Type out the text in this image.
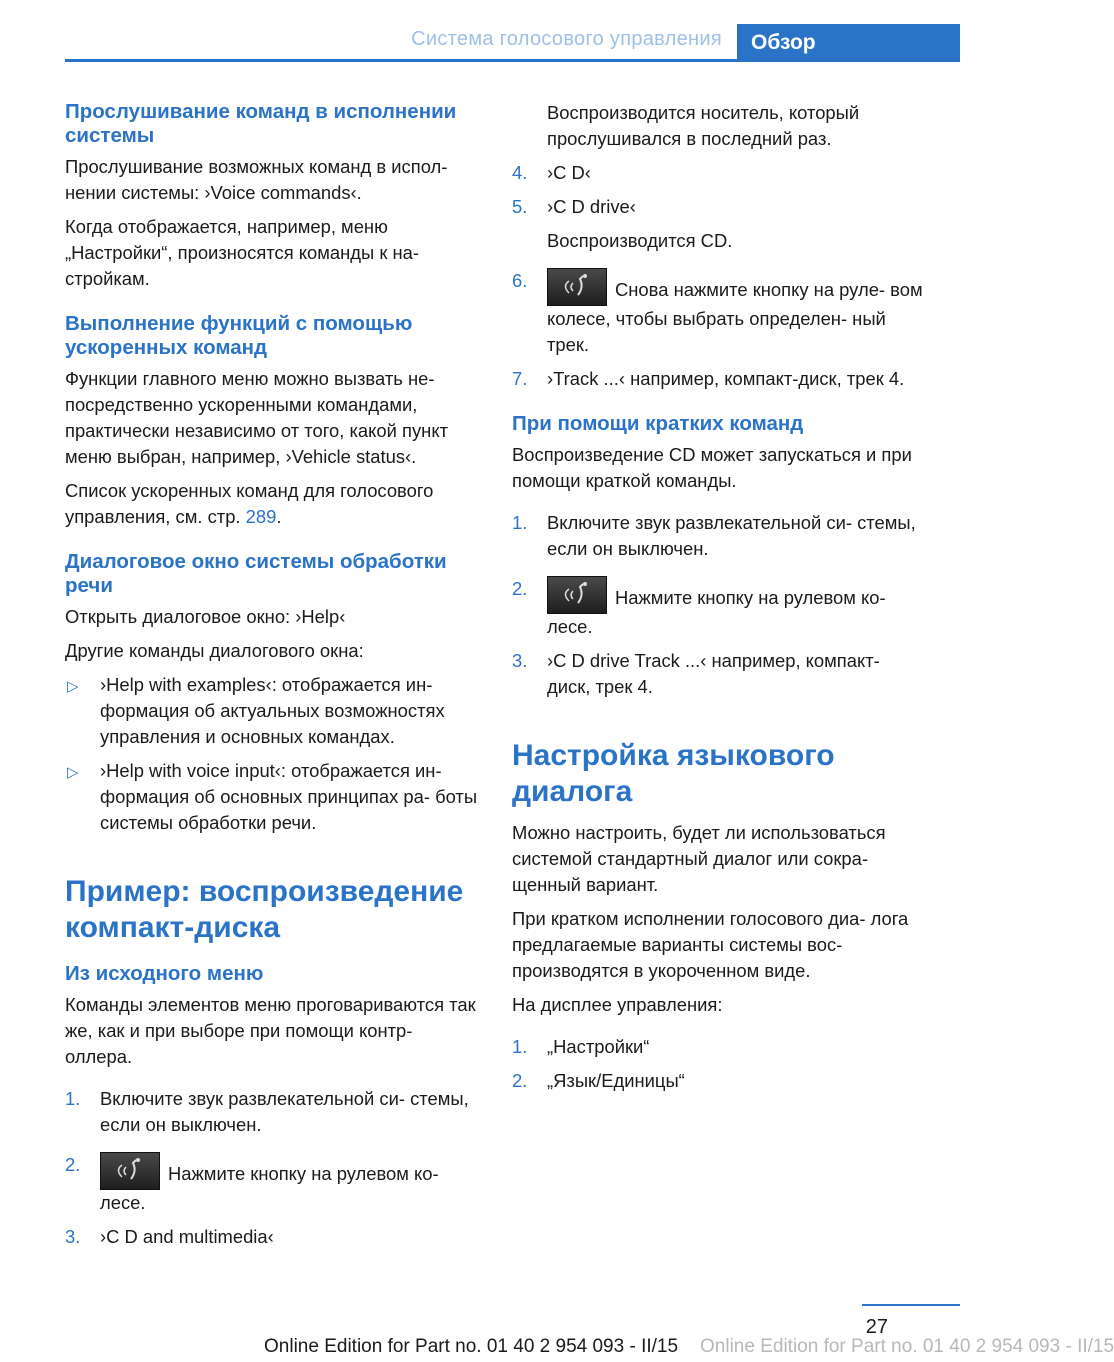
Система голосового управления	Обзор
Прослушивание команд в исполнении системы

Прослушивание возможных команд в испол‐ нении системы: ›Voice commands‹.

Когда отображается, например, меню „Настройки“, произносятся команды к на‐ стройкам.

Выполнение функций с помощью ускоренных команд

Функции главного меню можно вызвать не‐ посредственно ускоренными командами, практически независимо от того, какой пункт меню выбран, например, ›Vehicle status‹.

Список ускоренных команд для голосового управления, см. стр. 289.

Диалоговое окно системы обработки речи

Открыть диалоговое окно: ›Help‹

Другие команды диалогового окна:

▷ ›Help with examples‹: отображается ин‐ формация об актуальных возможностях управления и основных командах.
▷ ›Help with voice input‹: отображается ин‐ формация об основных принципах ра‐ боты системы обработки речи.
Пример: воспроизведение компакт-диска
Из исходного меню

Команды элементов меню проговариваются так же, как и при выборе при помощи контр‐ оллера.

1. Включите звук развлекательной си‐ стемы, если он выключен.
2.	Нажмите кнопку на рулевом ко‐ лесе.
3. ›C D and multimedia‹
Воспроизводится носитель, который прослушивался в последний раз.
4. ›C D‹
5. ›C D drive‹
Воспроизводится CD.
6.	Снова нажмите кнопку на руле‐ вом колесе, чтобы выбрать определен‐ ный трек.
7. ›Track ...‹ например, компакт-диск, трек 4.
При помощи кратких команд

Воспроизведение CD может запускаться и при помощи краткой команды.

1. Включите звук развлекательной си‐ стемы, если он выключен.
2.	Нажмите кнопку на рулевом ко‐ лесе.
3. ›C D drive Track ...‹ например, компакт- диск, трек 4.
Настройка языкового диалога

Можно настроить, будет ли использоваться системой стандартный диалог или сокра‐ щенный вариант.

При кратком исполнении голосового диа‐ лога предлагаемые варианты системы вос‐ производятся в укороченном виде.

На дисплее управления:

1. „Настройки“
2. „Язык/Единицы“
27
Online Edition for Part no. 01 40 2 954 093 - II/15 Online Edition for Part no. 01 40 2 954 093 - II/15
